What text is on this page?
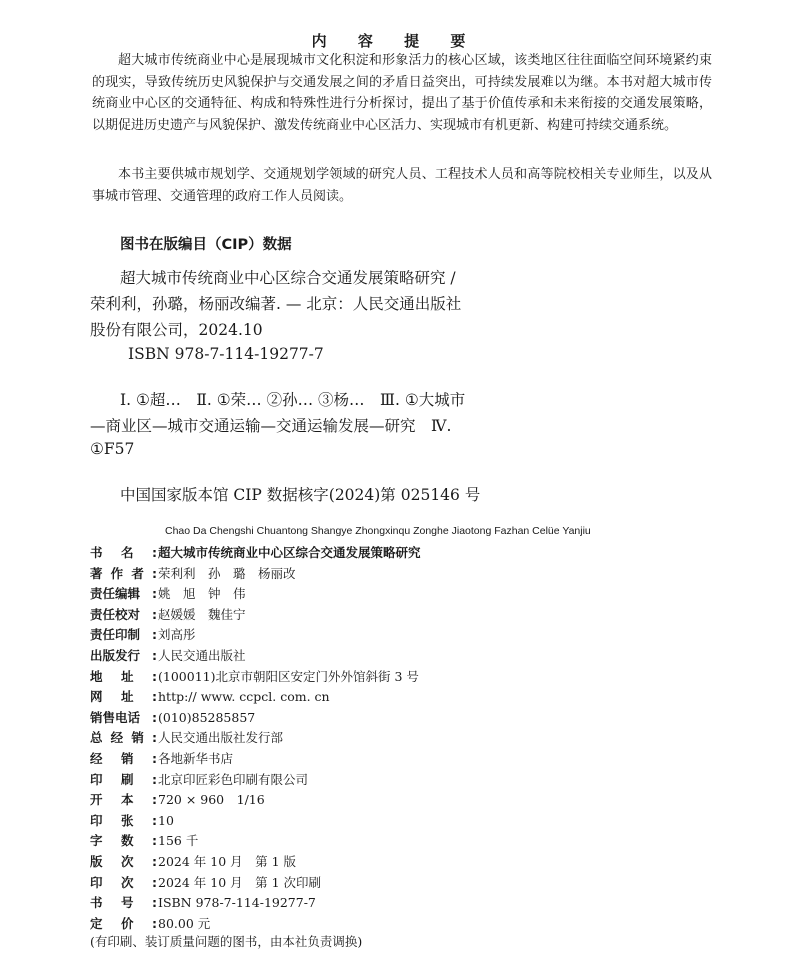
内 容 提 要

超大城市传统商业中心是展现城市文化积淀和形象活力的核心区域，该类地区往往面临空间环境紧约束的现实，导致传统历史风貌保护与交通发展之间的矛盾日益突出，可持续发展难以为继。本书对超大城市传统商业中心区的交通特征、构成和特殊性进行分析探讨，提出了基于价值传承和未来衔接的交通发展策略，以期促进历史遗产与风貌保护、激发传统商业中心区活力、实现城市有机更新、构建可持续交通系统。

本书主要供城市规划学、交通规划学领域的研究人员、工程技术人员和高等院校相关专业师生，以及从事城市管理、交通管理的政府工作人员阅读。

图书在版编目（CIP）数据
超大城市传统商业中心区综合交通发展策略研究 /
荣利利，孙璐，杨丽改编著. — 北京：人民交通出版社
股份有限公司，2024.10
ISBN 978-7-114-19277-7
Ⅰ. ①超…　Ⅱ. ①荣… ②孙… ③杨…　Ⅲ. ①大城市
—商业区—城市交通运输—交通运输发展—研究　Ⅳ.
①F57
中国国家版本馆 CIP 数据核字(2024)第 025146 号
Chao Da Chengshi Chuantong Shangye Zhongxinqu Zonghe Jiaotong Fazhan Celüe Yanjiu
书 名 : 超大城市传统商业中心区综合交通发展策略研究
著 作 者 : 荣利利　孙　璐　杨丽改
责任编辑 : 姚　旭　钟　伟
责任校对 : 赵媛媛　魏佳宁
责任印制 : 刘高彤
出版发行 : 人民交通出版社
地 址 : (100011)北京市朝阳区安定门外外馆斜街 3 号
网 址 : http:// www. ccpcl. com. cn
销售电话 : (010)85285857
总 经 销 : 人民交通出版社发行部
经 销 : 各地新华书店
印 刷 : 北京印匠彩色印刷有限公司
开 本 : 720 × 960　1/16
印 张 : 10
字 数 : 156 千
版 次 : 2024 年 10 月　第 1 版
印 次 : 2024 年 10 月　第 1 次印刷
书 号 : ISBN 978-7-114-19277-7
定 价 : 80.00 元
(有印刷、装订质量问题的图书，由本社负责调换)
